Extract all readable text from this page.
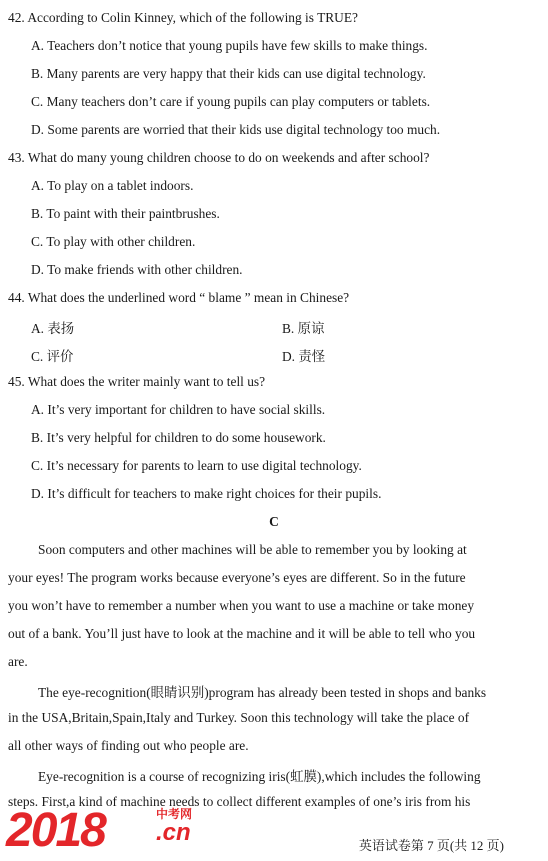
42. According to Colin Kinney, which of the following is TRUE?
A. Teachers don’t notice that young pupils have few skills to make things.
B. Many parents are very happy that their kids can use digital technology.
C. Many teachers don’t care if young pupils can play computers or tablets.
D. Some parents are worried that their kids use digital technology too much.
43. What do many young children choose to do on weekends and after school?
A. To play on a tablet indoors.
B. To paint with their paintbrushes.
C. To play with other children.
D. To make friends with other children.
44. What does the underlined word “ blame ” mean in Chinese?
A. 表扬	B. 原谅
C. 评价	D. 责怪
45. What does the writer mainly want to tell us?
A. It’s very important for children to have social skills.
B. It’s very helpful for children to do some housework.
C. It’s necessary for parents to learn to use digital technology.
D. It’s difficult for teachers to make right choices for their pupils.
C
Soon computers and other machines will be able to remember you by looking at
your eyes! The program works because everyone’s eyes are different. So in the future
you won’t have to remember a number when you want to use a machine or take money
out of a bank. You’ll just have to look at the machine and it will be able to tell who you
are.
The eye-recognition(眼睛识别)program has already been tested in shops and banks
in the USA,Britain,Spain,Italy and Turkey. Soon this technology will take the place of
all other ways of finding out who people are.
Eye-recognition is a course of recognizing iris(虹膜),which includes the following
steps. First,a kind of machine needs to collect different examples of one’s iris from his
2018	中考网
.cn	英语试卷第 7 页(共 12 页)
